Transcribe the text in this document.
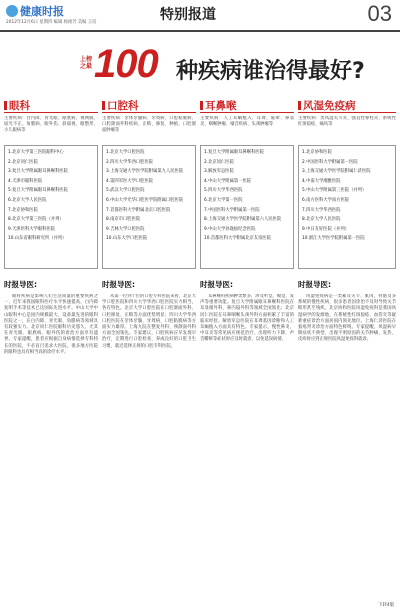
健康时报
2012年12月6日 星期四 编辑 杨俊芳 美编 王培	特别报道	03
上榜之最 100 种疾病谁治得最好?
眼科
主要疾病：白内障、青光眼、眼底病、视网膜、屈光不正、角膜病、眼外伤、斜弱视、眼整形、小儿眼病等
1.北京大学第三医院眼科中心
2.北京同仁医院
3.复旦大学附属眼耳鼻喉科医院
4.天津市眼科医院
5.复旦大学附属眼耳鼻喉科医院
6.北京大学人民医院
7.北京协和医院
8.北京大学第三医院（并列）
9.天津医科大学眼科医院
10.山东省眼科研究所（并列）
时报导医:
眼科疾病是影响人们生活质量的重要疾病之一，近年来我国眼科医疗水平快速提高，白内障复明手术等技术已达国际先进水平。中山大学中山眼科中心是国内规模最大、设备最先进的眼科医院之一，在白内障、青光眼、角膜病等领域具有较强实力。北京同仁医院眼科历史悠久，尤其在青光眼、眼底病、眼外伤的诊治方面享有盛誉。专家提醒，患者应根据自身病情选择专科特长的医院，不必盲目追求大医院，很多地方医院的眼科也具有相当高的诊疗水平。
口腔科
主要疾病：牙体牙髓病、牙周病、口腔粘膜病、口腔颌面外科疾病、正畸、修复、种植、口腔颌面肿瘤等
1.北京大学口腔医院
2.四川大学华西口腔医院
3.上海交通大学医学院附属第九人民医院
4.第四军医大学口腔医院
5.武汉大学口腔医院
6.中山大学光华口腔医学院附属口腔医院
7.首都医科大学附属北京口腔医院
8.南京市口腔医院
9.吉林大学口腔医院
10.山东大学口腔医院
时报导医:
从第一位到十位的口腔专科医院来看，北京大学口腔医院和四川大学华西口腔医院实力相当，各有特色。北京大学口腔医院在口腔颌面外科、口腔修复、正畸等方面优势明显；四川大学华西口腔医院在牙体牙髓、牙周病、口腔粘膜病等方面实力雄厚。上海九院在整复外科、颅颌面外科方面全国领先。专家建议，口腔疾病应早发现早治疗，定期进行口腔检查，养成良好的口腔卫生习惯，就近选择正规的口腔专科医院。
耳鼻喉
主要疾病：人工耳蜗植入、耳聋、眩晕、鼻窦炎、咽喉肿瘤、嗓音疾病、头颈肿瘤等
1.复旦大学附属眼耳鼻喉科医院
2.北京同仁医院
3.解放军总医院
4.中山大学附属第一医院
5.四川大学华西医院
6.北京大学第一医院
7.中国医科大学附属第一医院
8.上海交通大学医学院附属第六人民医院
9.中山大学孙逸仙纪念医院
10.首都医科大学附属北京友谊医院
时报导医:
耳鼻喉科疾病种类繁多，涉及听觉、嗅觉、发声等重要功能。复旦大学附属眼耳鼻喉科医院在耳显微外科、鼻内镜外科等领域全国领先；北京同仁医院在耳鼻咽喉头颈外科方面积累了丰富的临床经验。解放军总医院在耳聋基因诊断和人工耳蜗植入方面具有特色。专家提示，慢性鼻炎、中耳炎等常见病应规范治疗，出现听力下降、声音嘶哑等症状时应及时就诊，以免延误病情。
风湿免疫病
主要疾病：类风湿关节炎、强直性脊柱炎、系统性红斑狼疮、痛风等
1.北京协和医院
2.中国医科大学附属第一医院
3.上海交通大学医学院附属仁济医院
4.中南大学湘雅医院
5.中山大学附属第三医院（并列）
6.南方医科大学南方医院
7.四川大学华西医院
8.北京大学人民医院
9.中日友好医院（并列）
10.浙江大学医学院附属第一医院
时报导医:
风湿免疫病是一类累及关节、肌肉、骨骼及多系统的慢性疾病，很多患者因诊治不及时导致关节畸形甚至残疾。北京协和医院风湿免疫科是我国风湿病学的发源地，在系统性红斑狼疮、血管炎等疑难重症诊治方面居国内领先地位。上海仁济医院在狼疮肾炎诊治方面特色鲜明。专家提醒，风湿病早期症状不典型，出现不明原因的关节肿痛、发热、皮疹时应到正规医院风湿免疫科就诊。
下转4版
